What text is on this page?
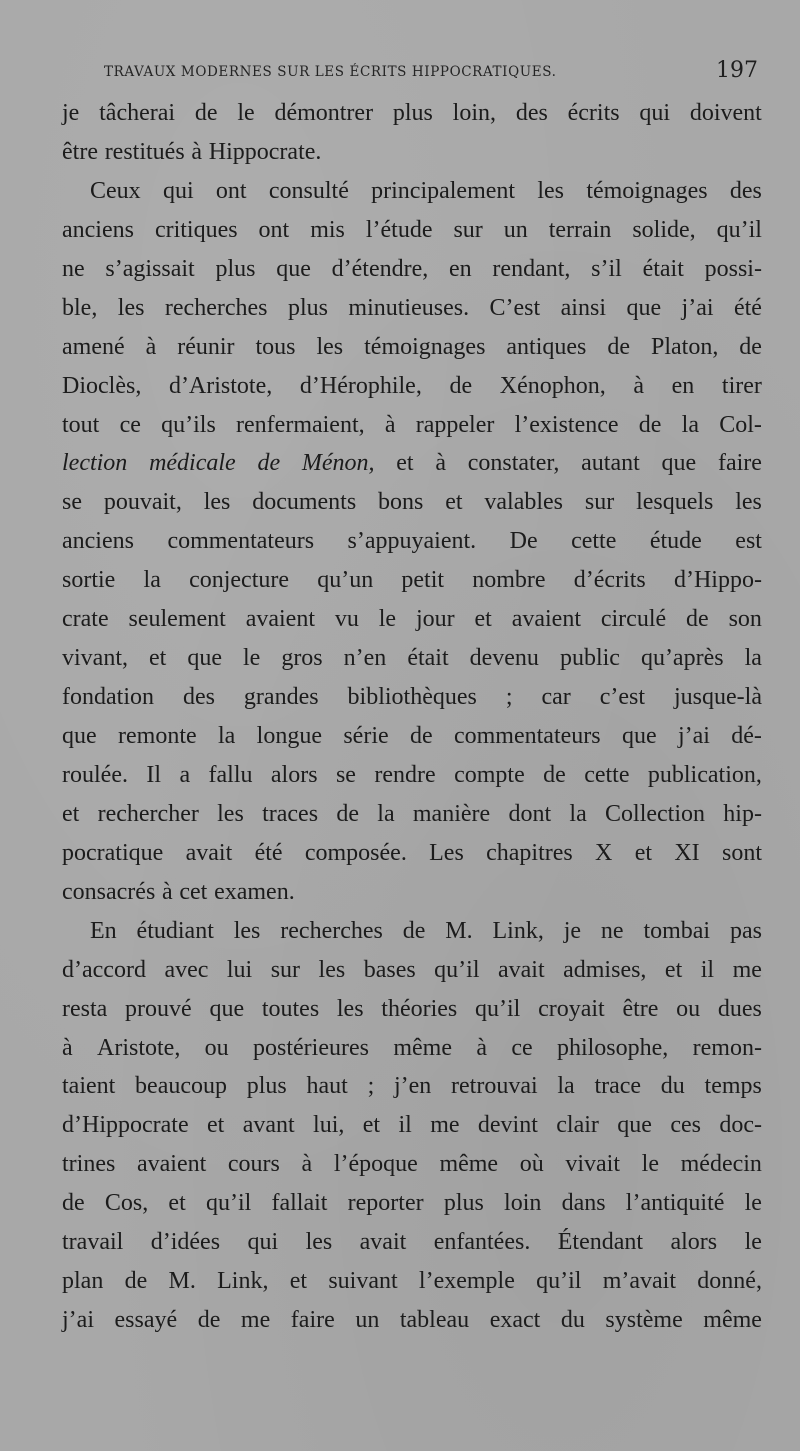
TRAVAUX MODERNES SUR LES ÉCRITS HIPPOCRATIQUES.	197
je tâcherai de le démontrer plus loin, des écrits qui doivent
être restitués à Hippocrate.
Ceux qui ont consulté principalement les témoignages des
anciens critiques ont mis l’étude sur un terrain solide, qu’il
ne s’agissait plus que d’étendre, en rendant, s’il était possi-
ble, les recherches plus minutieuses. C’est ainsi que j’ai été
amené à réunir tous les témoignages antiques de Platon, de
Dioclès, d’Aristote, d’Hérophile, de Xénophon, à en tirer
tout ce qu’ils renfermaient, à rappeler l’existence de la Col-
lection médicale de Ménon, et à constater, autant que faire
se pouvait, les documents bons et valables sur lesquels les
anciens commentateurs s’appuyaient. De cette étude est
sortie la conjecture qu’un petit nombre d’écrits d’Hippo-
crate seulement avaient vu le jour et avaient circulé de son
vivant, et que le gros n’en était devenu public qu’après la
fondation des grandes bibliothèques ; car c’est jusque-là
que remonte la longue série de commentateurs que j’ai dé-
roulée. Il a fallu alors se rendre compte de cette publication,
et rechercher les traces de la manière dont la Collection hip-
pocratique avait été composée. Les chapitres X et XI sont
consacrés à cet examen.
En étudiant les recherches de M. Link, je ne tombai pas
d’accord avec lui sur les bases qu’il avait admises, et il me
resta prouvé que toutes les théories qu’il croyait être ou dues
à Aristote, ou postérieures même à ce philosophe, remon-
taient beaucoup plus haut ; j’en retrouvai la trace du temps
d’Hippocrate et avant lui, et il me devint clair que ces doc-
trines avaient cours à l’époque même où vivait le médecin
de Cos, et qu’il fallait reporter plus loin dans l’antiquité le
travail d’idées qui les avait enfantées. Étendant alors le
plan de M. Link, et suivant l’exemple qu’il m’avait donné,
j’ai essayé de me faire un tableau exact du système même
